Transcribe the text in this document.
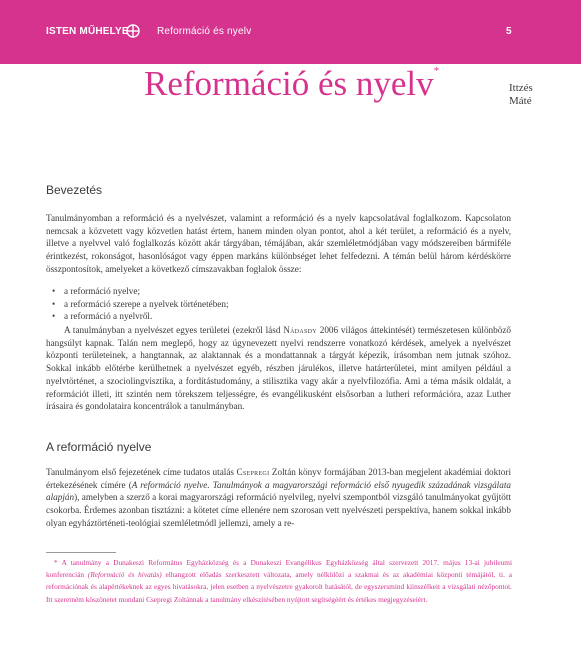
ISTEN MŰHELYE	Reformáció és nyelv	5
Reformáció és nyelv*
Ittzés
Máté
Bevezetés

Tanulmányomban a reformáció és a nyelvészet, valamint a reformáció és a nyelv kapcsolatával foglalkozom. Kapcsolaton nemcsak a közvetett vagy közvetlen hatást értem, hanem minden olyan pontot, ahol a két terület, a reformáció és a nyelv, illetve a nyelvvel való foglalkozás között akár tárgyában, témájában, akár szemléletmódjában vagy módszereiben bármiféle érintkezést, rokonságot, hasonlóságot vagy éppen markáns különbséget lehet felfedezni. A témán belül három kérdéskörre összpontosítok, amelyeket a következő címszavakban foglalok össze:

• a reformáció nyelve;
• a reformáció szerepe a nyelvek történetében;
• a reformáció a nyelvről.

A tanulmányban a nyelvészet egyes területei (ezekről lásd Nádasdy 2006 világos áttekintését) természetesen különböző hangsúlyt kapnak. Talán nem meglepő, hogy az úgynevezett nyelvi rendszerre vonatkozó kérdések, amelyek a nyelvészet központi területeinek, a hangtannak, az alaktannak és a mondattannak a tárgyát képezik, írásomban nem jutnak szóhoz. Sokkal inkább előtérbe kerülhetnek a nyelvészet egyéb, részben járulékos, illetve határterületei, mint amilyen például a nyelvtörténet, a szociolingvisztika, a fordítástudomány, a stilisztika vagy akár a nyelvfilozófia. Ami a téma másik oldalát, a reformációt illeti, itt szintén nem törekszem teljességre, és evangélikusként elsősorban a lutheri reformációra, azaz Luther írásaira és gondolataira koncentrálok a tanulmányban.

A reformáció nyelve

Tanulmányom első fejezetének címe tudatos utalás Csepregi Zoltán könyv formájában 2013-ban megjelent akadémiai doktori értekezésének címére (A reformáció nyelve. Tanulmányok a magyarországi reformáció első nyugedik századának vizsgálata alapján), amelyben a szerző a korai magyarországi reformáció nyelvileg, nyelvi szempontból vizsgáló tanulmányokat gyűjtött csokorba. Érdemes azonban tisztázni: a kötetet címe ellenére nem szorosan vett nyelvészeti perspektíva, hanem sokkal inkább olyan egyháztörténeti-teológiai szemléletmódl jellemzi, amely a re-

* A tanulmány a Dunakeszi Református Egyházközség és a Dunakeszi Evangélikus Egyházközség által szervezett 2017. május 13-ai jubileumi konferencián (Reformáció és hivatás) elhangzott előadás szerkesztett változata, amely nélkülözi a szakmai és az akadémiai központi témájától, ti. a reformációnak és alapértékeknek az egyes hivatásokra, jelen esetben a nyelvészetre gyakorolt hatásától, de egyszersmind kiinszélkeit a vizsgálati nézőpontot. Itt szeretném köszönetet mondani Csepregi Zoltánnak a tanulmány elkészítésében nyújtott segítségéért és értékes megjegyzéseiért.
